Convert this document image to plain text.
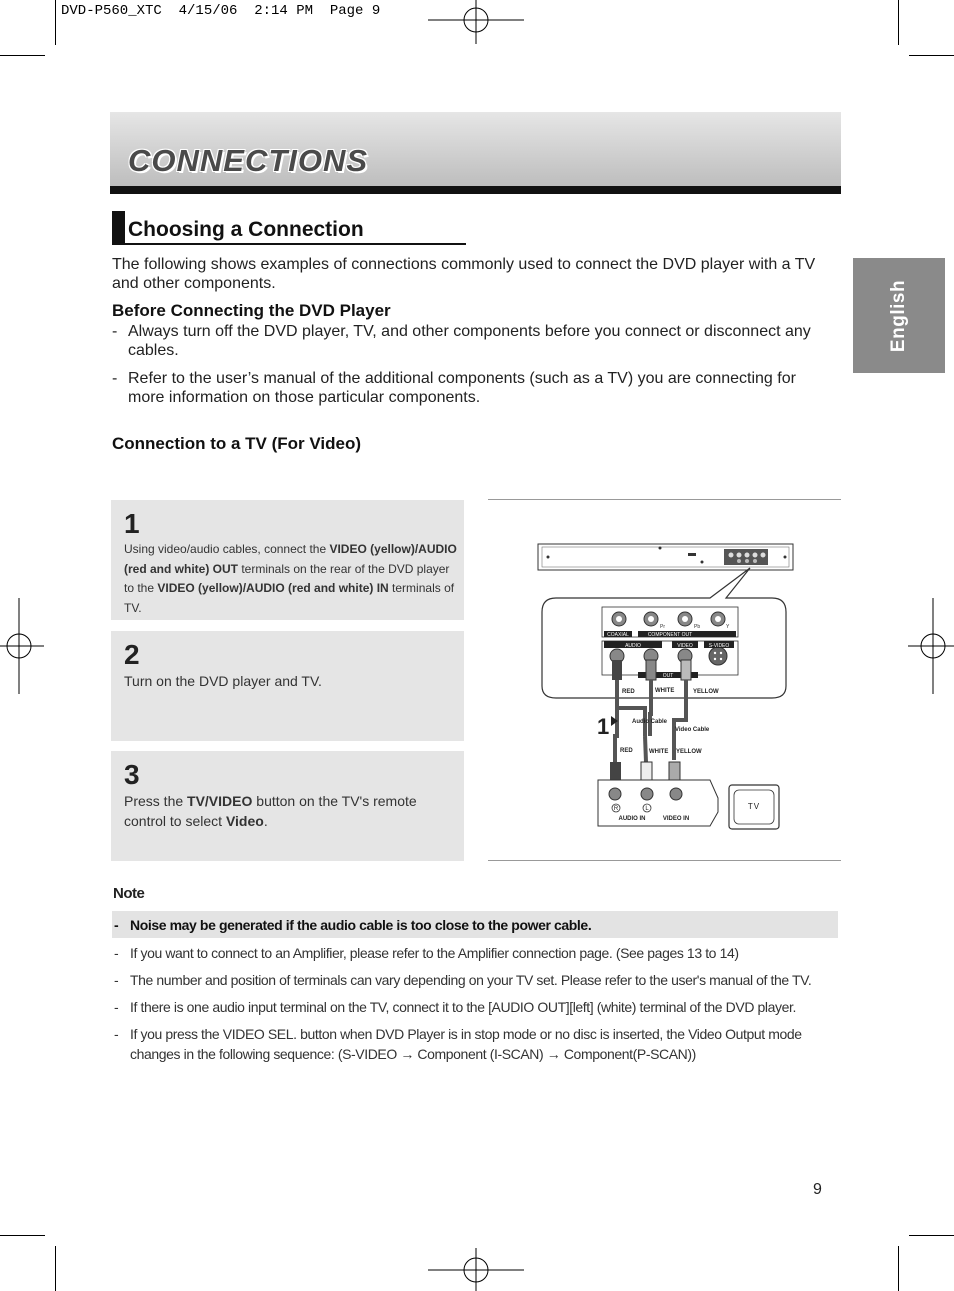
DVD-P560_XTC  4/15/06  2:14 PM  Page 9
CONNECTIONS
Choosing a Connection
The following shows examples of connections commonly used to connect the DVD player with a TV and other components.
Before Connecting the DVD Player
- Always turn off the DVD player, TV, and other components before you connect or disconnect any cables.
- Refer to the user’s manual of the additional components (such as a TV) you are connecting for more information on those particular components.
Connection to a TV (For Video)
English
1
Using video/audio cables, connect the VIDEO (yellow)/AUDIO (red and white) OUT terminals on the rear of the DVD player to the VIDEO (yellow)/AUDIO (red and white) IN terminals of TV.
2
Turn on the DVD player and TV.
3
Press the TV/VIDEO button on the TV's remote control to select Video.
COAXIAL	COMPONENT OUT
Pr	Pb	Y
AUDIO	VIDEO	S-VIDEO
OUT
RED	WHITE	YELLOW
1	Audio Cable
Video Cable
RED	WHITE YELLOW
R	L
AUDIO IN	VIDEO IN
TV
Note
- Noise may be generated if the audio cable is too close to the power cable.
- If you want to connect to an Amplifier, please refer to the Amplifier connection page. (See pages 13 to 14)
- The number and position of terminals can vary depending on your TV set. Please refer to the user's manual of the TV.
- If there is one audio input terminal on the TV, connect it to the [AUDIO OUT][left] (white) terminal of the DVD player.
- If you press the VIDEO SEL. button when DVD Player is in stop mode or no disc is inserted, the Video Output mode changes in the following sequence: (S-VIDEO → Component (I-SCAN) → Component(P-SCAN))
9
